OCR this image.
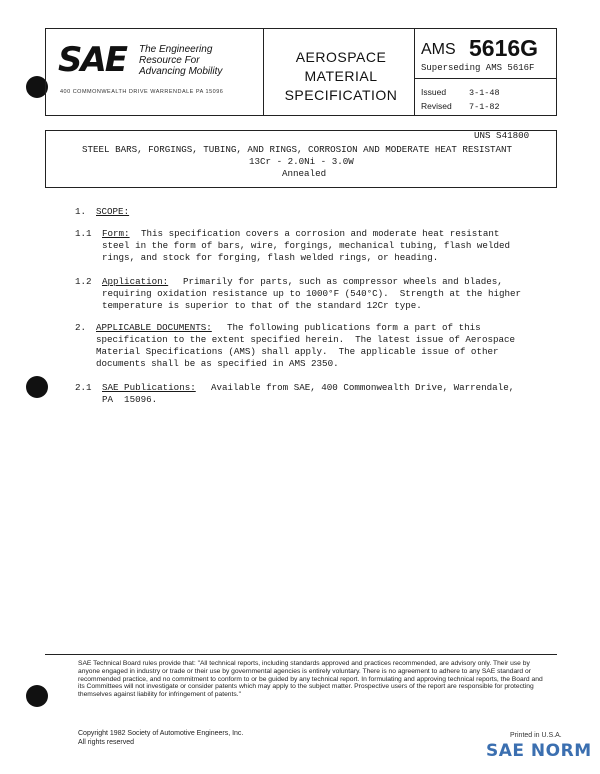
SAE The Engineering
Resource For
Advancing Mobility
400 COMMONWEALTH DRIVE WARRENDALE PA 15096
AEROSPACE
MATERIAL
SPECIFICATION
AMS 5616G
Superseding AMS 5616F
Issued	3-1-48
Revised 7-1-82
UNS S41800
STEEL BARS, FORGINGS, TUBING, AND RINGS, CORROSION AND MODERATE HEAT RESISTANT
13Cr - 2.0Ni - 3.0W
Annealed
1. SCOPE:
1.1 Form: This specification covers a corrosion and moderate heat resistant
steel in the form of bars, wire, forgings, mechanical tubing, flash welded
rings, and stock for forging, flash welded rings, or heading.
1.2 Application: Primarily for parts, such as compressor wheels and blades,
requiring oxidation resistance up to 1000°F (540°C).  Strength at the higher
temperature is superior to that of the standard 12Cr type.
2. APPLICABLE DOCUMENTS: The following publications form a part of this
specification to the extent specified herein.  The latest issue of Aerospace
Material Specifications (AMS) shall apply.  The applicable issue of other
documents shall be as specified in AMS 2350.
2.1 SAE Publications: Available from SAE, 400 Commonwealth Drive, Warrendale,
PA  15096.
SAE Technical Board rules provide that: "All technical reports, including standards approved and practices recommended, are advisory only. Their use by anyone engaged in industry or trade or their use by governmental agencies is entirely voluntary. There is no agreement to adhere to any SAE standard or recommended practice, and no commitment to conform to or be guided by any technical report. In formulating and approving technical reports, the Board and its Committees will not investigate or consider patents which may apply to the subject matter. Prospective users of the report are responsible for protecting themselves against liability for infringement of patents."
Copyright 1982 Society of Automotive Engineers, Inc.
All rights reserved
Printed in U.S.A.
SAE NORM
